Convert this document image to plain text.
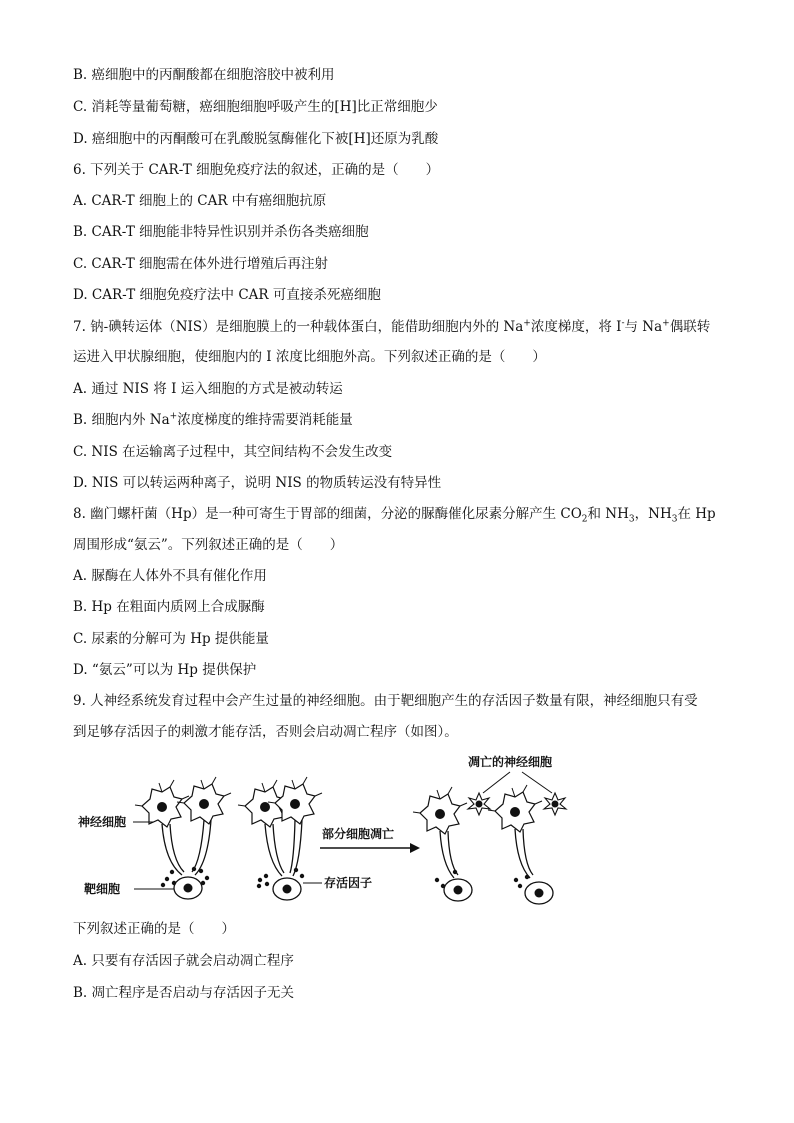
B. 癌细胞中的丙酮酸都在细胞溶胶中被利用
C. 消耗等量葡萄糖，癌细胞细胞呼吸产生的[H]比正常细胞少
D. 癌细胞中的丙酮酸可在乳酸脱氢酶催化下被[H]还原为乳酸
6. 下列关于 CAR-T 细胞免疫疗法的叙述，正确的是（　　）
A. CAR-T 细胞上的 CAR 中有癌细胞抗原
B. CAR-T 细胞能非特异性识别并杀伤各类癌细胞
C. CAR-T 细胞需在体外进行增殖后再注射
D. CAR-T 细胞免疫疗法中 CAR 可直接杀死癌细胞
7. 钠-碘转运体（NIS）是细胞膜上的一种载体蛋白，能借助细胞内外的 Na+浓度梯度，将 I-与 Na+偶联转
运进入甲状腺细胞，使细胞内的 I 浓度比细胞外高。下列叙述正确的是（　　）
A. 通过 NIS 将 I 运入细胞的方式是被动转运
B. 细胞内外 Na+浓度梯度的维持需要消耗能量
C. NIS 在运输离子过程中，其空间结构不会发生改变
D. NIS 可以转运两种离子，说明 NIS 的物质转运没有特异性
8. 幽门螺杆菌（Hp）是一种可寄生于胃部的细菌，分泌的脲酶催化尿素分解产生 $CO_2$和 $NH_3$，$NH_3$在 Hp
周围形成“氨云”。下列叙述正确的是（　　）
A. 脲酶在人体外不具有催化作用
B. Hp 在粗面内质网上合成脲酶
C. 尿素的分解可为 Hp 提供能量
D. “氨云”可以为 Hp 提供保护
9. 人神经系统发育过程中会产生过量的神经细胞。由于靶细胞产生的存活因子数量有限，神经细胞只有受
到足够存活因子的刺激才能存活，否则会启动凋亡程序（如图）。
神经细胞
靶细胞	存活因子
部分细胞凋亡
凋亡的神经细胞
下列叙述正确的是（　　）
A. 只要有存活因子就会启动凋亡程序
B. 凋亡程序是否启动与存活因子无关
